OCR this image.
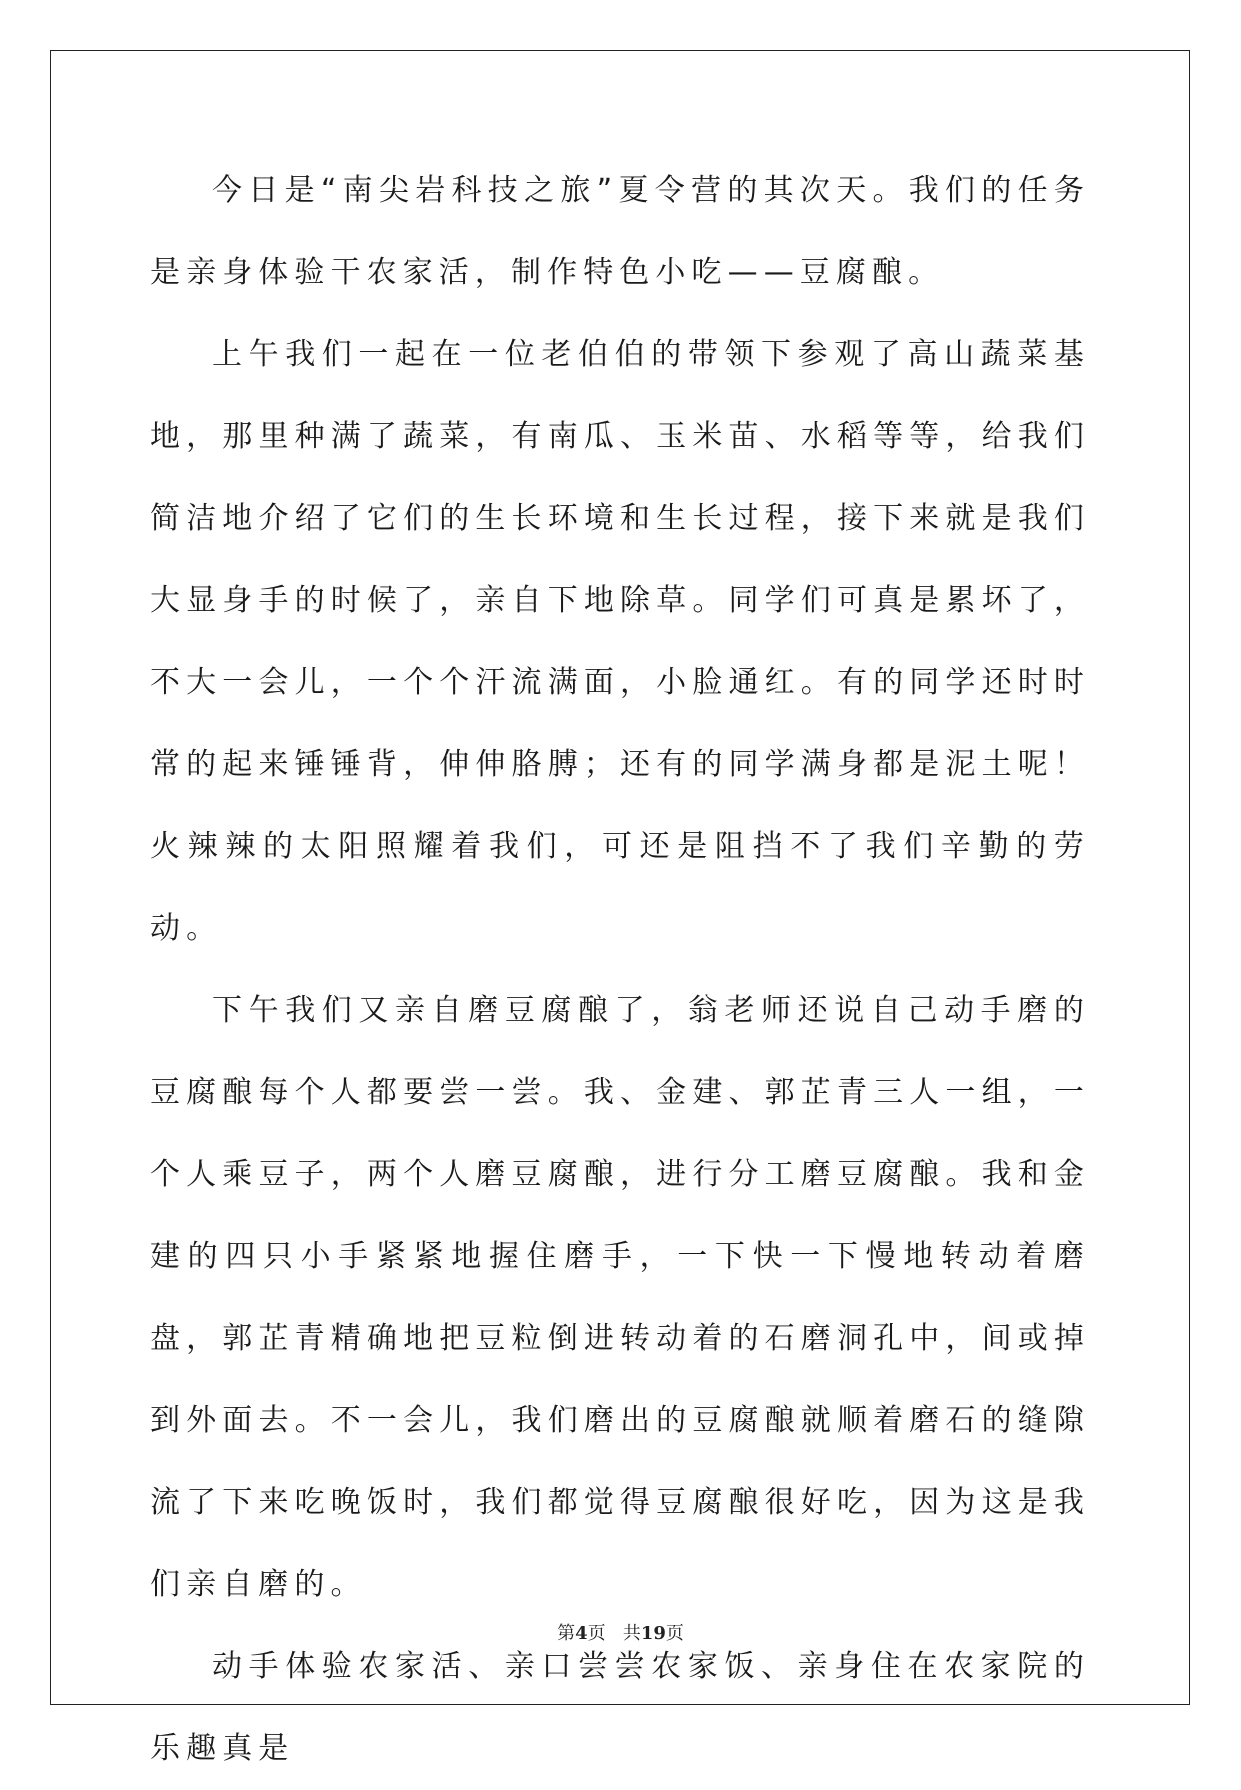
今日是“南尖岩科技之旅”夏令营的其次天。我们的任务是亲身体验干农家活，制作特色小吃——豆腐酿。

上午我们一起在一位老伯伯的带领下参观了高山蔬菜基地，那里种满了蔬菜，有南瓜、玉米苗、水稻等等，给我们简洁地介绍了它们的生长环境和生长过程，接下来就是我们大显身手的时候了，亲自下地除草。同学们可真是累坏了，不大一会儿，一个个汗流满面，小脸通红。有的同学还时时常的起来锤锤背，伸伸胳膊；还有的同学满身都是泥土呢！火辣辣的太阳照耀着我们，可还是阻挡不了我们辛勤的劳动。

下午我们又亲自磨豆腐酿了，翁老师还说自己动手磨的豆腐酿每个人都要尝一尝。我、金建、郭芷青三人一组，一个人乘豆子，两个人磨豆腐酿，进行分工磨豆腐酿。我和金建的四只小手紧紧地握住磨手，一下快一下慢地转动着磨盘，郭芷青精确地把豆粒倒进转动着的石磨洞孔中，间或掉到外面去。不一会儿，我们磨出的豆腐酿就顺着磨石的缝隙流了下来吃晚饭时，我们都觉得豆腐酿很好吃，因为这是我们亲自磨的。

动手体验农家活、亲口尝尝农家饭、亲身住在农家院的乐趣真是

第4页 共19页
